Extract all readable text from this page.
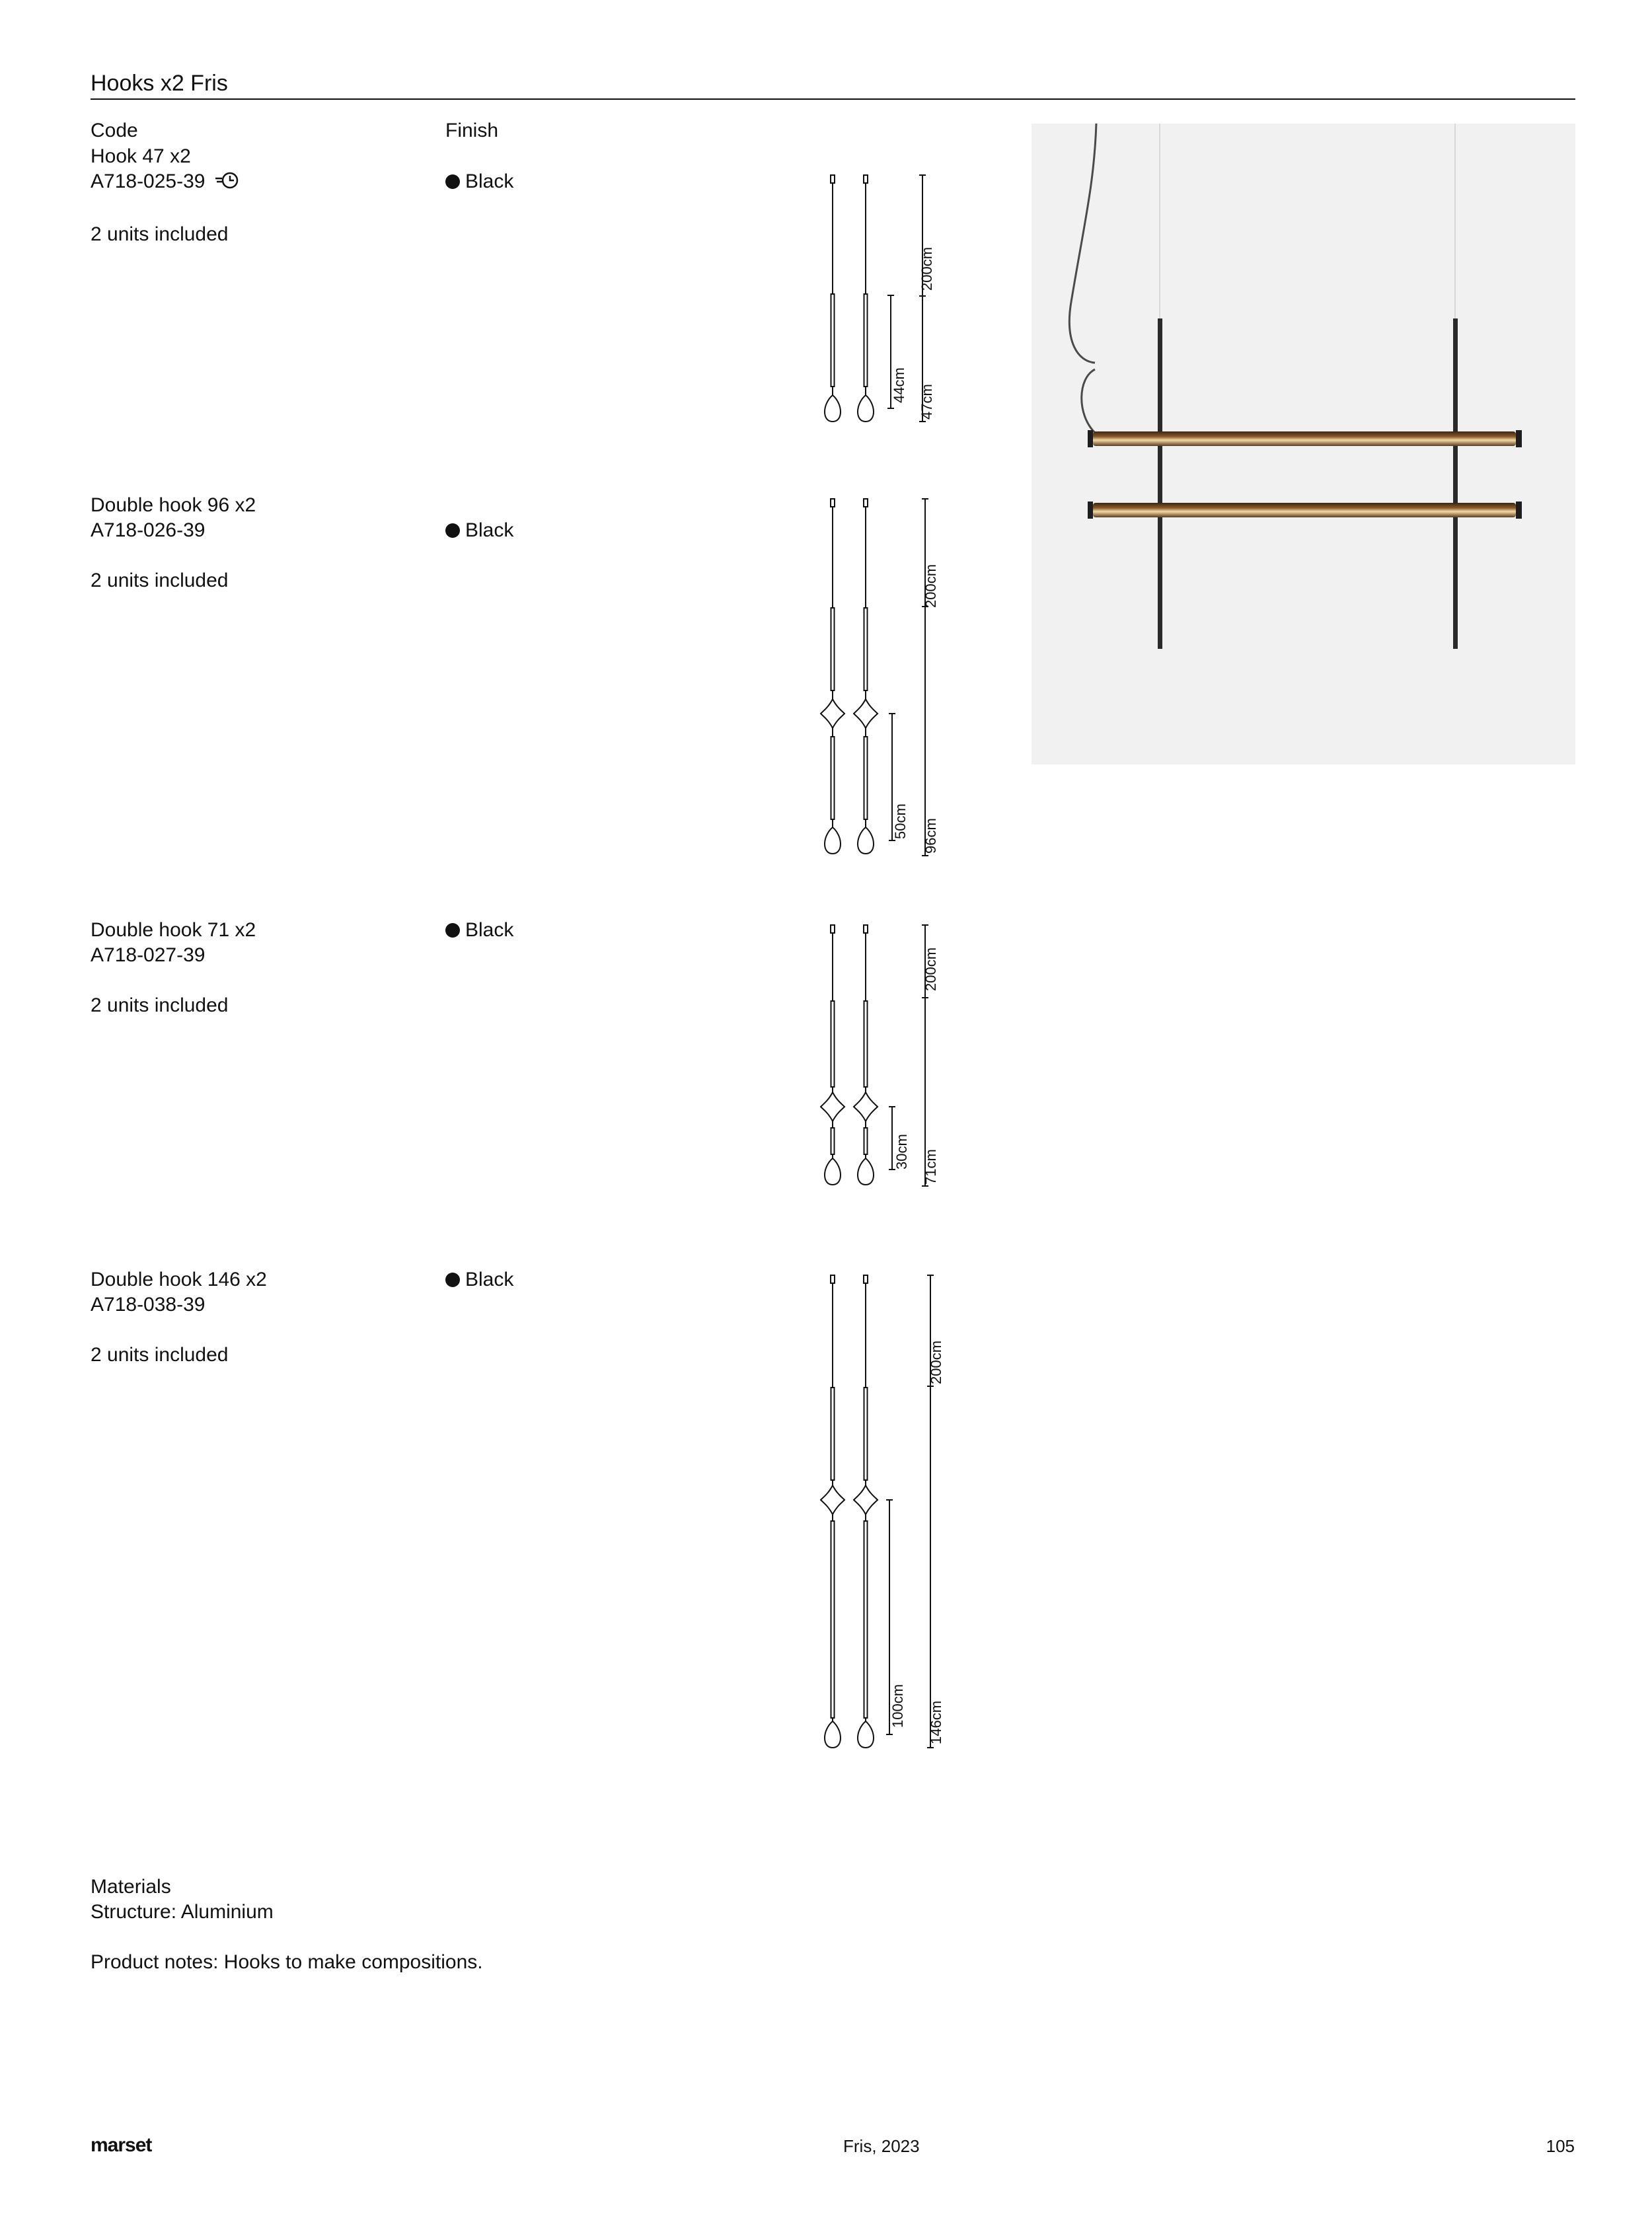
Hooks x2 Fris
Code	Finish
Hook 47 x2
A718-025-39
2 units included
Black
200cm
44cm 47cm
Double hook 96 x2
A718-026-39
2 units included
Black
200cm
50cm 96cm
Double hook 71 x2
A718-027-39
2 units included
Black
200cm
30cm 71cm
Double hook 146 x2
A718-038-39
2 units included
Black
200cm
100cm 146cm
Materials
Structure: Aluminium
Product notes: Hooks to make compositions.
marset	Fris, 2023	105
